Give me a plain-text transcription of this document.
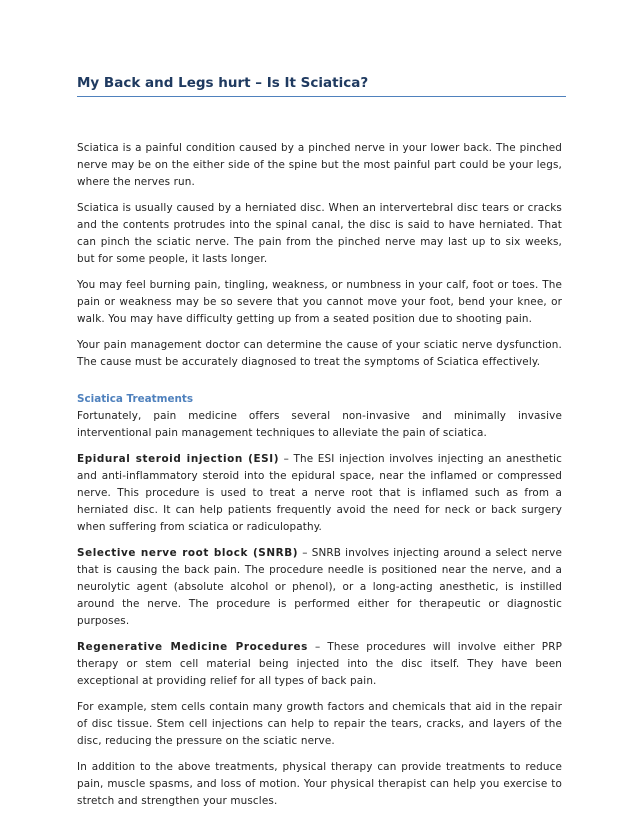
My Back and Legs hurt – Is It Sciatica?

Sciatica is a painful condition caused by a pinched nerve in your lower back. The pinched nerve may be on the either side of the spine but the most painful part could be your legs, where the nerves run.

Sciatica is usually caused by a herniated disc. When an intervertebral disc tears or cracks and the contents protrudes into the spinal canal, the disc is said to have herniated. That can pinch the sciatic nerve. The pain from the pinched nerve may last up to six weeks, but for some people, it lasts longer.

You may feel burning pain, tingling, weakness, or numbness in your calf, foot or toes. The pain or weakness may be so severe that you cannot move your foot, bend your knee, or walk. You may have difficulty getting up from a seated position due to shooting pain.

Your pain management doctor can determine the cause of your sciatic nerve dysfunction. The cause must be accurately diagnosed to treat the symptoms of Sciatica effectively.

Sciatica Treatments

Fortunately, pain medicine offers several non-invasive and minimally invasive interventional pain management techniques to alleviate the pain of sciatica.

Epidural steroid injection (ESI) – The ESI injection involves injecting an anesthetic and anti-inflammatory steroid into the epidural space, near the inflamed or compressed nerve. This procedure is used to treat a nerve root that is inflamed such as from a herniated disc. It can help patients frequently avoid the need for neck or back surgery when suffering from sciatica or radiculopathy.

Selective nerve root block (SNRB) – SNRB involves injecting around a select nerve that is causing the back pain. The procedure needle is positioned near the nerve, and a neurolytic agent (absolute alcohol or phenol), or a long-acting anesthetic, is instilled around the nerve. The procedure is performed either for therapeutic or diagnostic purposes.

Regenerative Medicine Procedures – These procedures will involve either PRP therapy or stem cell material being injected into the disc itself. They have been exceptional at providing relief for all types of back pain.

For example, stem cells contain many growth factors and chemicals that aid in the repair of disc tissue. Stem cell injections can help to repair the tears, cracks, and layers of the disc, reducing the pressure on the sciatic nerve.

In addition to the above treatments, physical therapy can provide treatments to reduce pain, muscle spasms, and loss of motion. Your physical therapist can help you exercise to stretch and strengthen your muscles.
